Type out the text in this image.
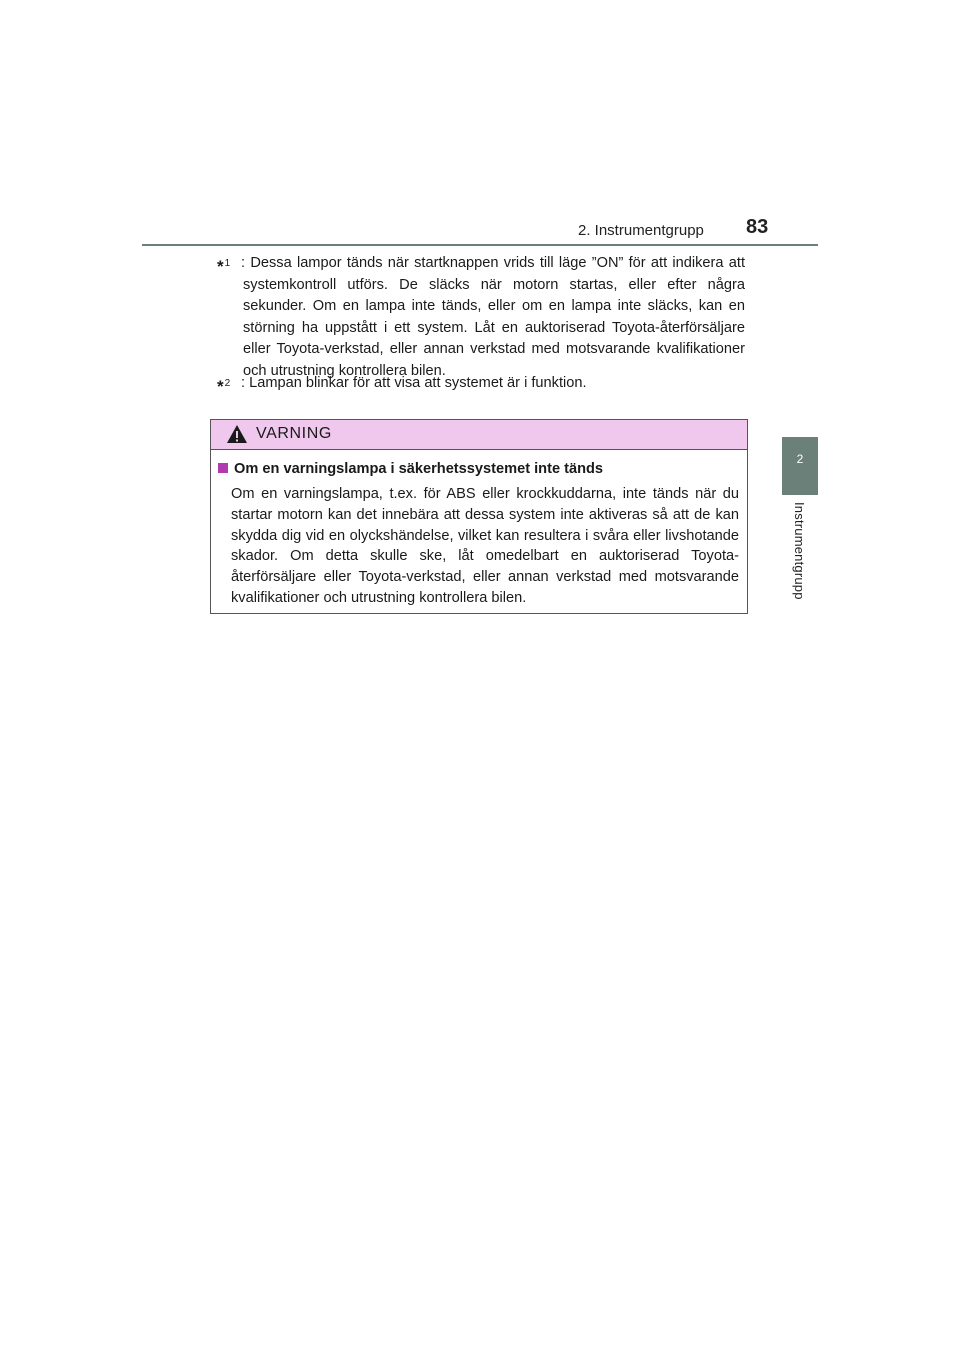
2. Instrumentgrupp 83
2
Instrumentgrupp
*$^1$ : Dessa lampor tänds när startknappen vrids till läge ”ON” för att indikera att systemkontroll utförs. De släcks när motorn startas, eller efter några sekunder. Om en lampa inte tänds, eller om en lampa inte släcks, kan en störning ha uppstått i ett system. Låt en auktoriserad Toyota-återförsäljare eller Toyota-verkstad, eller annan verkstad med motsvarande kvalifikationer och utrustning kontrollera bilen.
*$^2$ : Lampan blinkar för att visa att systemet är i funktion.
VARNING
Om en varningslampa i säkerhetssystemet inte tänds
Om en varningslampa, t.ex. för ABS eller krockkuddarna, inte tänds när du startar motorn kan det innebära att dessa system inte aktiveras så att de kan skydda dig vid en olyckshändelse, vilket kan resultera i svåra eller livshotande skador. Om detta skulle ske, låt omedelbart en auktoriserad Toyota-återförsäljare eller Toyota-verkstad, eller annan verkstad med motsvarande kvalifikationer och utrustning kontrollera bilen.
